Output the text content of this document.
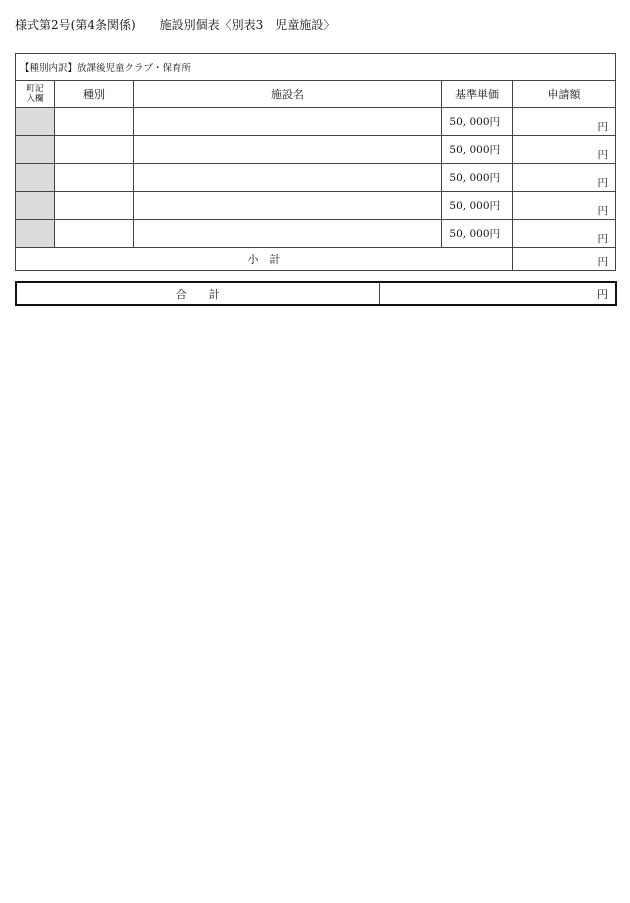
様式第2号(第4条関係)　　施設別個表〈別表3　児童施設〉
【種別内訳】放課後児童クラブ・保育所				

町記
入欄	種別	施設名	基準単価	申請額
			50, 000円	円
			50, 000円	円
			50, 000円	円
			50, 000円	円
			50, 000円	円
小　計				円
合　　計	円
